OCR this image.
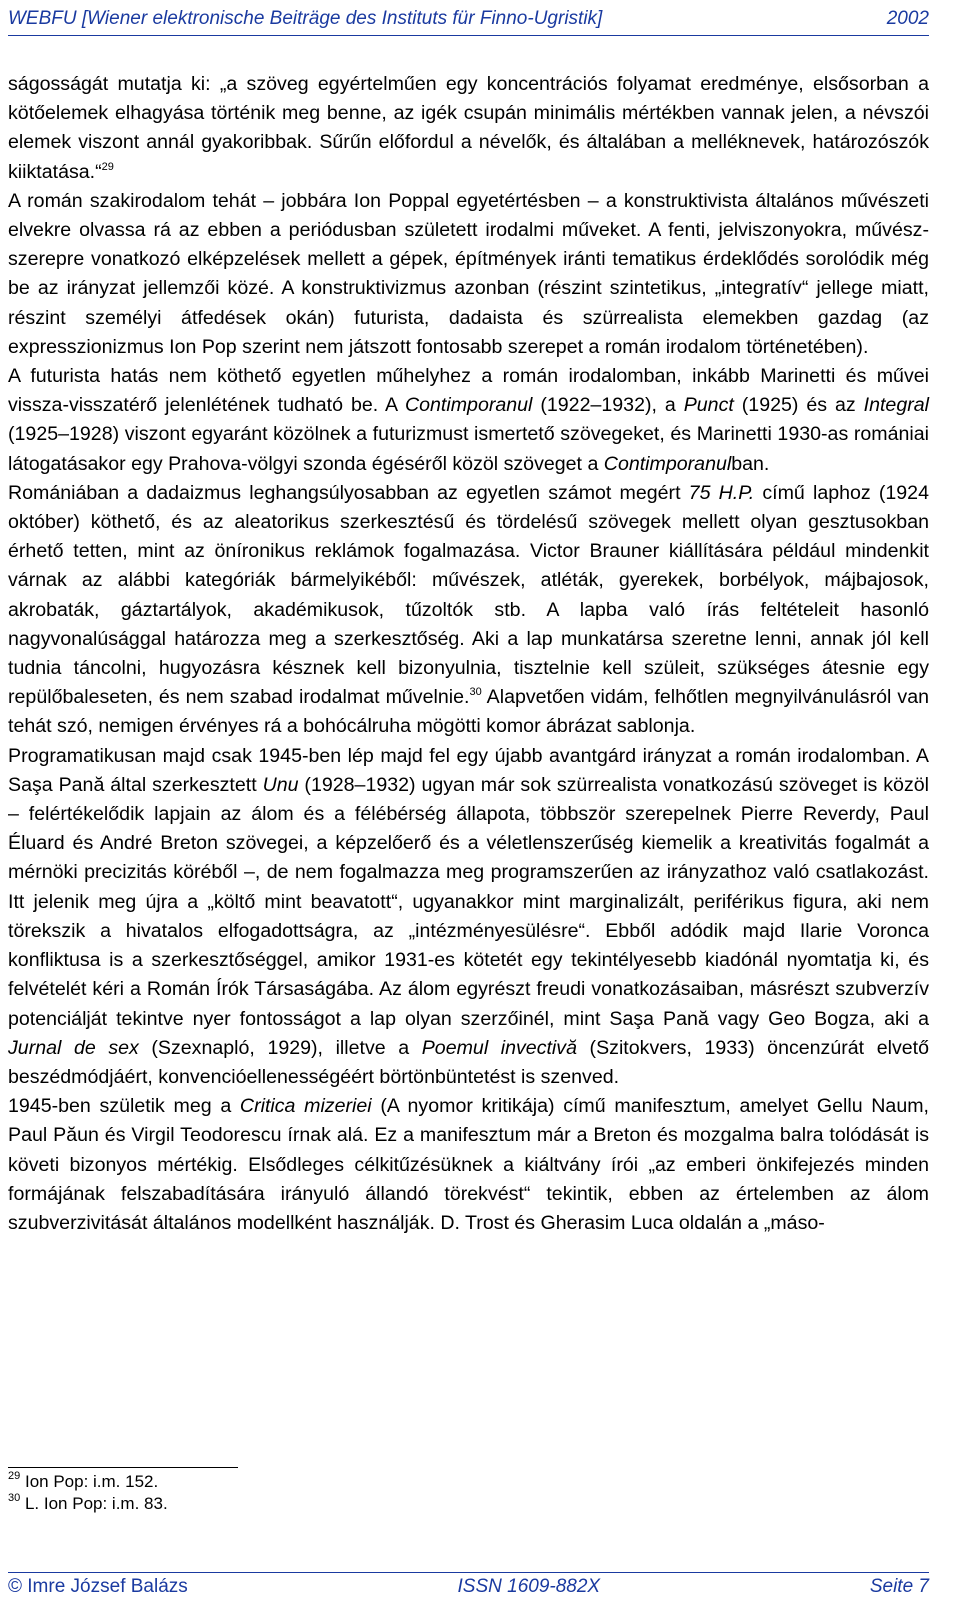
WEBFU [Wiener elektronische Beiträge des Instituts für Finno-Ugristik]	2002

ságosságát mutatja ki: „a szöveg egyértelműen egy koncentrációs folyamat eredménye, elsősorban a kötőelemek elhagyása történik meg benne, az igék csupán minimális mértékben vannak jelen, a névszói elemek viszont annál gyakoribbak. Sűrűn előfordul a névelők, és általában a melléknevek, határozószók kiiktatása.“$^{29}$

A román szakirodalom tehát – jobbára Ion Poppal egyetértésben – a konstruktivista általános művészeti elvekre olvassa rá az ebben a periódusban született irodalmi műveket. A fenti, jelviszonyokra, művész-szerepre vonatkozó elképzelések mellett a gépek, építmények iránti tematikus érdeklődés sorolódik még be az irányzat jellemzői közé. A konstruktivizmus azonban (részint szintetikus, „integratív“ jellege miatt, részint személyi átfedések okán) futurista, dadaista és szürrealista elemekben gazdag (az expresszionizmus Ion Pop szerint nem játszott fontosabb szerepet a román irodalom történetében).

A futurista hatás nem köthető egyetlen műhelyhez a román irodalomban, inkább Marinetti és művei vissza-visszatérő jelenlétének tudható be. A Contimporanul (1922–1932), a Punct (1925) és az Integral (1925–1928) viszont egyaránt közölnek a futurizmust ismertető szövegeket, és Marinetti 1930-as romániai látogatásakor egy Prahova-völgyi szonda égéséről közöl szöveget a Contimporanulban.

Romániában a dadaizmus leghangsúlyosabban az egyetlen számot megért 75 H.P. című laphoz (1924 október) köthető, és az aleatorikus szerkesztésű és tördelésű szövegek mellett olyan gesztusokban érhető tetten, mint az öníronikus reklámok fogalmazása. Victor Brauner kiállítására például mindenkit várnak az alábbi kategóriák bármelyikéből: művészek, atléták, gyerekek, borbélyok, májbajosok, akrobaták, gáztartályok, akadémikusok, tűzoltók stb. A lapba való írás feltételeit hasonló nagyvonalúsággal határozza meg a szerkesztőség. Aki a lap munkatársa szeretne lenni, annak jól kell tudnia táncolni, hugyozásra késznek kell bizonyulnia, tisztelnie kell szüleit, szükséges átesnie egy repülőbaleseten, és nem szabad irodalmat művelnie.$^{30}$ Alapvetően vidám, felhőtlen megnyilvánulásról van tehát szó, nemigen érvényes rá a bohócálruha mögötti komor ábrázat sablonja.

Programatikusan majd csak 1945-ben lép majd fel egy újabb avantgárd irányzat a román irodalomban. A Saşa Pană által szerkesztett Unu (1928–1932) ugyan már sok szürrealista vonatkozású szöveget is közöl – felértékelődik lapjain az álom és a félébérség állapota, többször szerepelnek Pierre Reverdy, Paul Éluard és André Breton szövegei, a képzelőerő és a véletlenszerűség kiemelik a kreativitás fogalmát a mérnöki precizitás köréből –, de nem fogalmazza meg programszerűen az irányzathoz való csatlakozást. Itt jelenik meg újra a „költő mint beavatott“, ugyanakkor mint marginalizált, periférikus figura, aki nem törekszik a hivatalos elfogadottságra, az „intézményesülésre“. Ebből adódik majd Ilarie Voronca konfliktusa is a szerkesztőséggel, amikor 1931-es kötetét egy tekintélyesebb kiadónál nyomtatja ki, és felvételét kéri a Román Írók Társaságába. Az álom egyrészt freudi vonatkozásaiban, másrészt szubverzív potenciálját tekintve nyer fontosságot a lap olyan szerzőinél, mint Saşa Pană vagy Geo Bogza, aki a Jurnal de sex (Szexnapló, 1929), illetve a Poemul invectivă (Szitokvers, 1933) öncenzúrát elvető beszédmódjáért, konvencióellenességéért börtönbüntetést is szenved.

1945-ben születik meg a Critica mizeriei (A nyomor kritikája) című manifesztum, amelyet Gellu Naum, Paul Păun és Virgil Teodorescu írnak alá. Ez a manifesztum már a Breton és mozgalma balra tolódását is követi bizonyos mértékig. Elsődleges célkitűzésüknek a kiáltvány írói „az emberi önkifejezés minden formájának felszabadítására irányuló állandó törekvést“ tekintik, ebben az értelemben az álom szubverzivitását általános modellként használják. D. Trost és Gherasim Luca oldalán a „máso-

$^{29}$ Ion Pop: i.m. 152.
$^{30}$ L. Ion Pop: i.m. 83.
© Imre József Balázs	ISSN 1609-882X	Seite 7
